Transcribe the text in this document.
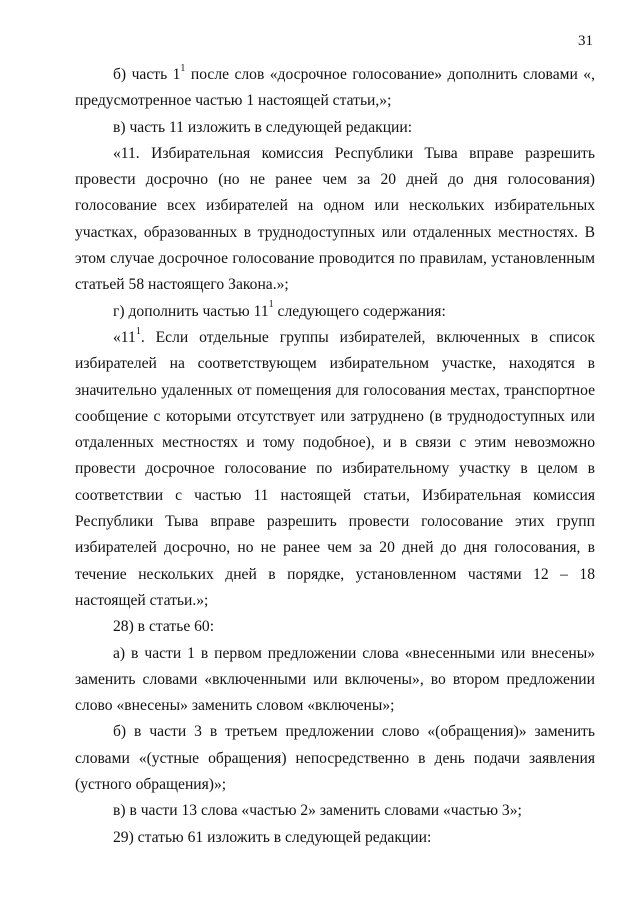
31

б) часть $1^1$ после слов «досрочное голосование» дополнить словами «, предусмотренное частью 1 настоящей статьи,»;

в) часть 11 изложить в следующей редакции:

«11. Избирательная комиссия Республики Тыва вправе разрешить провести досрочно (но не ранее чем за 20 дней до дня голосования) голосование всех избирателей на одном или нескольких избирательных участках, образованных в труднодоступных или отдаленных местностях. В этом случае досрочное голосование проводится по правилам, установленным статьей 58 настоящего Закона.»;

г) дополнить частью $11^1$ следующего содержания:

«$11^1$. Если отдельные группы избирателей, включенных в список избирателей на соответствующем избирательном участке, находятся в значительно удаленных от помещения для голосования местах, транспортное сообщение с которыми отсутствует или затруднено (в труднодоступных или отдаленных местностях и тому подобное), и в связи с этим невозможно провести досрочное голосование по избирательному участку в целом в соответствии с частью 11 настоящей статьи, Избирательная комиссия Республики Тыва вправе разрешить провести голосование этих групп избирателей досрочно, но не ранее чем за 20 дней до дня голосования, в течение нескольких дней в порядке, установленном частями 12 – 18 настоящей статьи.»;

28) в статье 60:

а) в части 1 в первом предложении слова «внесенными или внесены» заменить словами «включенными или включены», во втором предложении слово «внесены» заменить словом «включены»;

б) в части 3 в третьем предложении слово «(обращения)» заменить словами «(устные обращения) непосредственно в день подачи заявления (устного обращения)»;

в) в части 13 слова «частью 2» заменить словами «частью 3»;

29) статью 61 изложить в следующей редакции:
